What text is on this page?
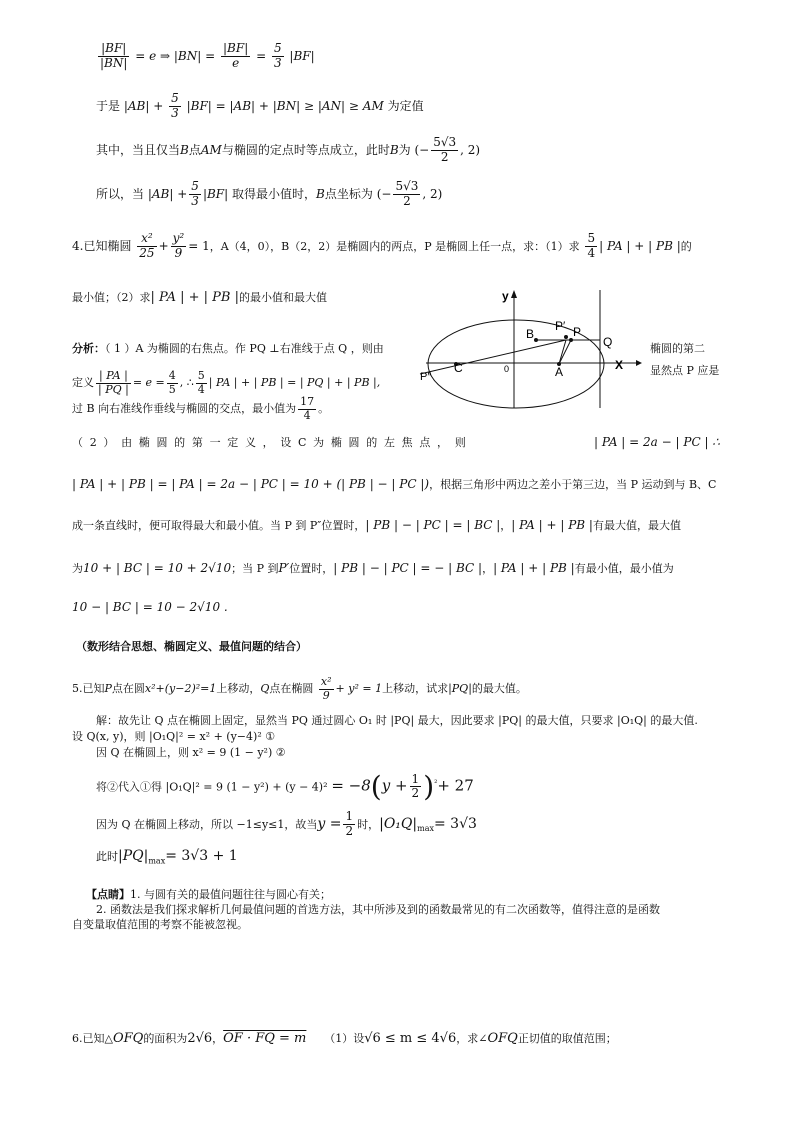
$\frac{|BF|}{|BN|} = e$ ⇒ $|BN| = \frac{|BF|}{e} = \frac{5}{3} |BF|$
于是 $|AB| + \frac{5}{3} |BF| = |AB| + |BN| \ge |AN|$ ≥ AM 为定值
其中，当且仅当B点AM与椭圆的定点时等点成立，此时B为 (− $\frac{5√3}{2}$ , 2)
所以，当 $|AB| + \frac{5}{3} |BF|$ 取得最小值时，B点坐标为 (− $\frac{5√3}{2}$ , 2)
4.已知椭圆 $\frac{\text{x²}}{25} + \frac{\text{y²}}{9} = 1$，A（4，0），B（2，2）是椭圆内的两点，P 是椭圆上任一点，求：（1）求 $\frac{5}{4}$ | PA | + | PB |的
最小值；（2）求| PA | + | PB |的最小值和最大值	y
X
0
B
P′ P
Q
C	A
P″
分析：（ 1 ）A 为椭圆的右焦点。作 PQ ⊥右准线于点 Q ，则由	椭圆的第二
显然点 P 应是
定义 $\frac{| PA |}{| PQ |} = e = \frac{4}{5}$ , ∴ $\frac{5}{4}$ | PA | + | PB | = | PQ | + | PB |,
过 B 向右准线作垂线与椭圆的交点，最小值为 $\frac{17}{4}$ 。
（ 2 ） 由 椭 圆 的 第 一 定 义 ， 设 C 为 椭 圆 的 左 焦 点 ， 则	| PA | = 2a − | PC | ∴
| PA | + | PB | = | PA | = 2a − | PC | = 10 + (| PB | − | PC |)，根据三角形中两边之差小于第三边，当 P 运动到与 B、C
成一条直线时，便可取得最大和最小值。当 P 到 P″位置时，| PB | − | PC | = | BC |，| PA | + | PB |有最大值，最大值
为10 + | BC | = 10 + 2√10；当 P 到P′位置时，| PB | − | PC | = − | BC |，| PA | + | PB |有最小值，最小值为
10 − | BC | = 10 − 2√10 .
（数形结合思想、椭圆定义、最值问题的结合）
5.已知P点在圆x²+(y−2)²=1上移动，Q点在椭圆 $\frac{\text{x²}}{9} + y^2 = 1$上移动，试求|PQ|的最大值。
解：故先让 Q 点在椭圆上固定，显然当 PQ 通过圆心 O₁ 时 |PQ| 最大，因此要求 |PQ| 的最大值，只要求 |O₁Q| 的最大值.
设 Q(x, y)，则 |O₁Q|² = x² + (y−4)² ①
因 Q 在椭圆上，则 x² = 9 (1 − y²) ②
将②代入①得 |O₁Q|² = 9 $(1 - y^2) + (y - 4)^2 = -8(y + \frac{1}{2} )^{^2}+ 27$
因为 Q 在椭圆上移动，所以 −1≤y≤1，故当$y = \frac{1}{2}$ 时，$|O_1Q|_{max}= 3√3$
此时$|PQ|_{max}= 3√3 + 1$
【点睛】1. 与圆有关的最值问题往往与圆心有关；
2. 函数法是我们探求解析几何最值问题的首选方法，其中所涉及到的函数最常见的有二次函数等，值得注意的是函数
自变量取值范围的考察不能被忽视。
6.已知△OFQ的面积为2√6，OF · FQ = m （1）设√6 ≤ m ≤ 4√6，求∠OFQ正切值的取值范围；
